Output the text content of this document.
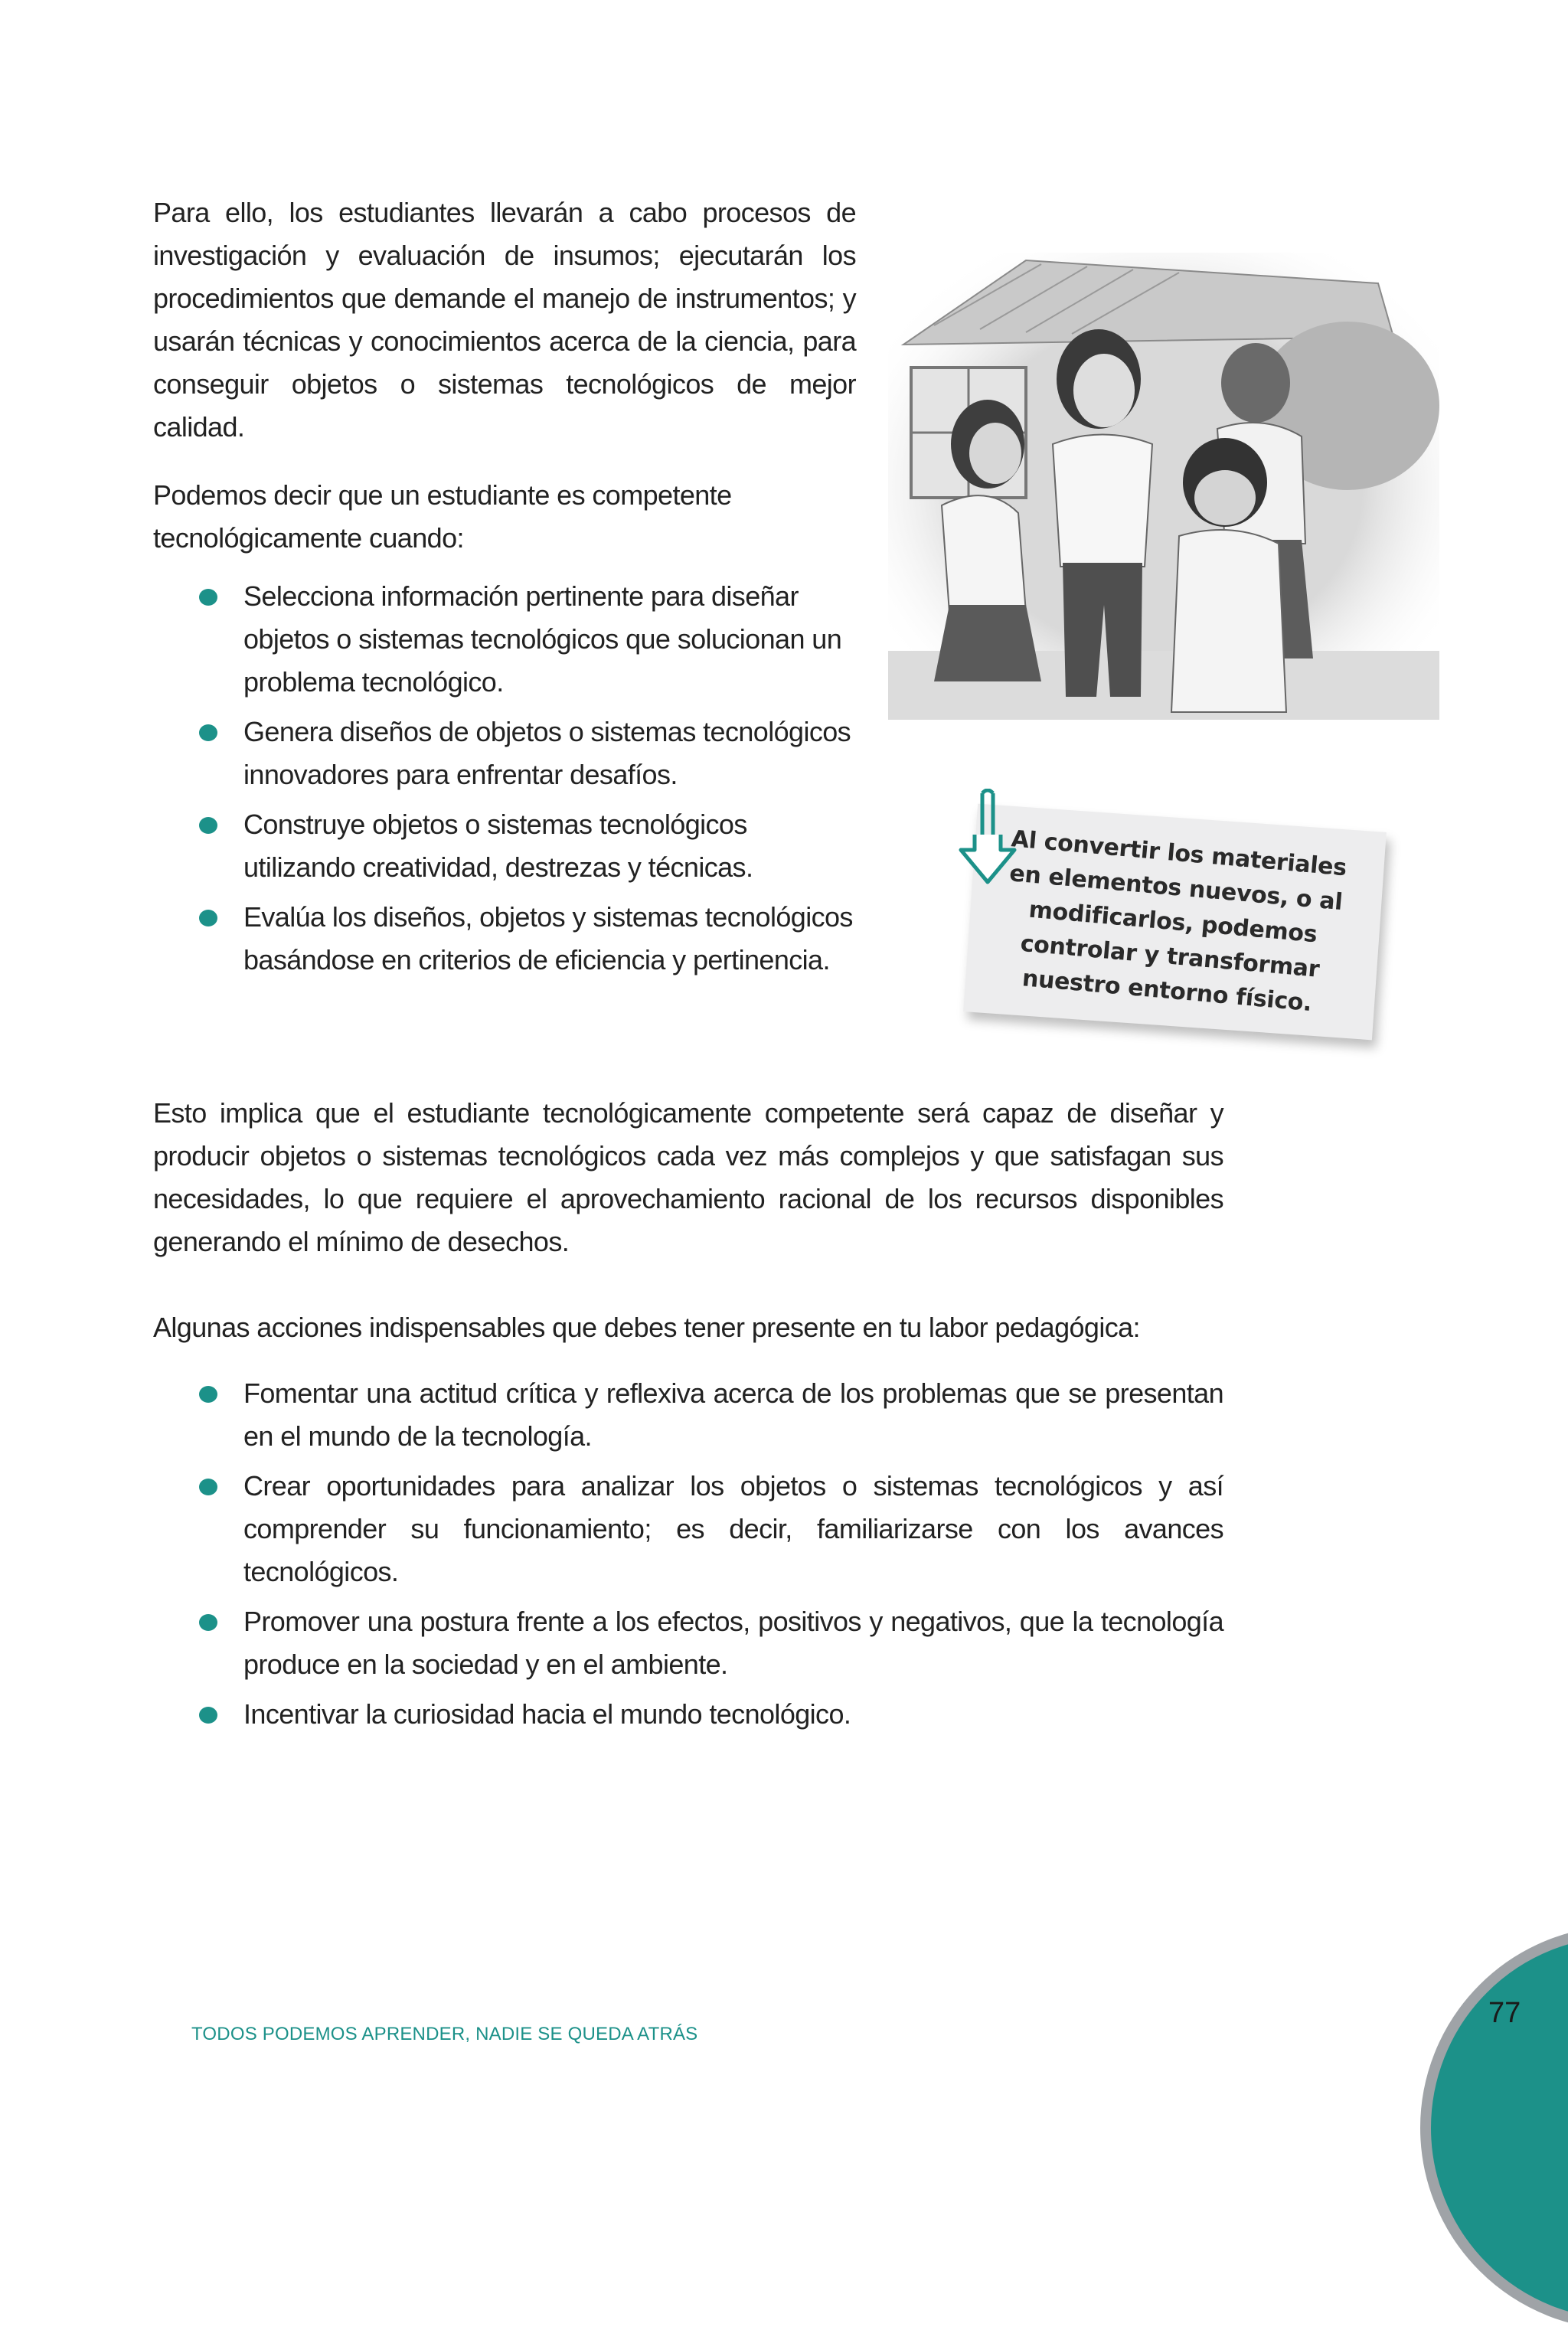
Para ello, los estudiantes llevarán a cabo procesos de investigación y evaluación de insumos; ejecutarán los procedimientos que demande el manejo de instrumentos; y usarán técnicas y conocimientos acerca de la ciencia, para conseguir objetos o sistemas tecnológicos de mejor calidad.

Podemos decir que un estudiante es competente tecnológicamente cuando:

Selecciona información pertinente para diseñar objetos o sistemas tecnológicos que solucionan un problema tecnológico.
Genera diseños de objetos o sistemas tecnológicos innovadores para enfrentar desafíos.
Construye objetos o sistemas tecnológicos utilizando creatividad, destrezas y técnicas.
Evalúa los diseños, objetos y sistemas tecnológicos basándose en criterios de eficiencia y pertinencia.
Al convertir los materiales en elementos nuevos, o al modificarlos, podemos controlar y transformar nuestro entorno físico.

Esto implica que el estudiante tecnológicamente competente será capaz de diseñar y producir objetos o sistemas tecnológicos cada vez más complejos y que satisfagan sus necesidades, lo que requiere el aprovechamiento racional de los recursos disponibles generando el mínimo de desechos.

Algunas acciones indispensables que debes tener presente en tu labor pedagógica:

Fomentar una actitud crítica y reflexiva acerca de los problemas que se presentan en el mundo de la tecnología.
Crear oportunidades para analizar los objetos o sistemas tecnológicos y así comprender su funcionamiento; es decir, familiarizarse con los avances tecnológicos.
Promover una postura frente a los efectos, positivos y negativos, que la tecnología produce en la sociedad y en el ambiente.
Incentivar la curiosidad hacia el mundo tecnológico.
TODOS PODEMOS APRENDER, NADIE SE QUEDA ATRÁS
77
